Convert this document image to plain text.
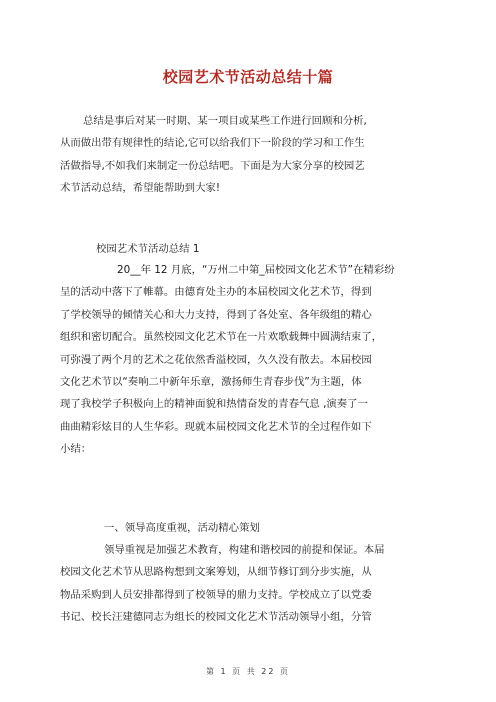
校园艺术节活动总结十篇
总结是事后对某一时期、某一项目或某些工作进行回顾和分析,
从而做出带有规律性的结论,它可以给我们下一阶段的学习和工作生
活做指导,不如我们来制定一份总结吧。下面是为大家分享的校园艺
术节活动总结，希望能帮助到大家!
校园艺术节活动总结 1
20__年 12 月底，“万州二中第_届校园文化艺术节”在精彩纷
呈的活动中落下了帷幕。由德育处主办的本届校园文化艺术节，得到
了学校领导的倾情关心和大力支持，得到了各处室、各年级组的精心
组织和密切配合。虽然校园文化艺术节在一片欢歌载舞中圆满结束了，
可弥漫了两个月的艺术之花依然香溢校园，久久没有散去。本届校园
文化艺术节以“奏响二中新年乐章，激扬师生青春步伐”为主题，体
现了我校学子积极向上的精神面貌和热情奋发的青春气息 ,演奏了一
曲曲精彩炫目的人生华彩。现就本届校园文化艺术节的全过程作如下
小结：
一、领导高度重视，活动精心策划
领导重视是加强艺术教育，构建和谐校园的前提和保证。本届
校园文化艺术节从思路构想到文案筹划，从细节修订到分步实施，从
物品采购到人员安排都得到了校领导的鼎力支持。学校成立了以党委
书记、校长汪建德同志为组长的校园文化艺术节活动领导小组，分管
第 1 页 共 22 页
